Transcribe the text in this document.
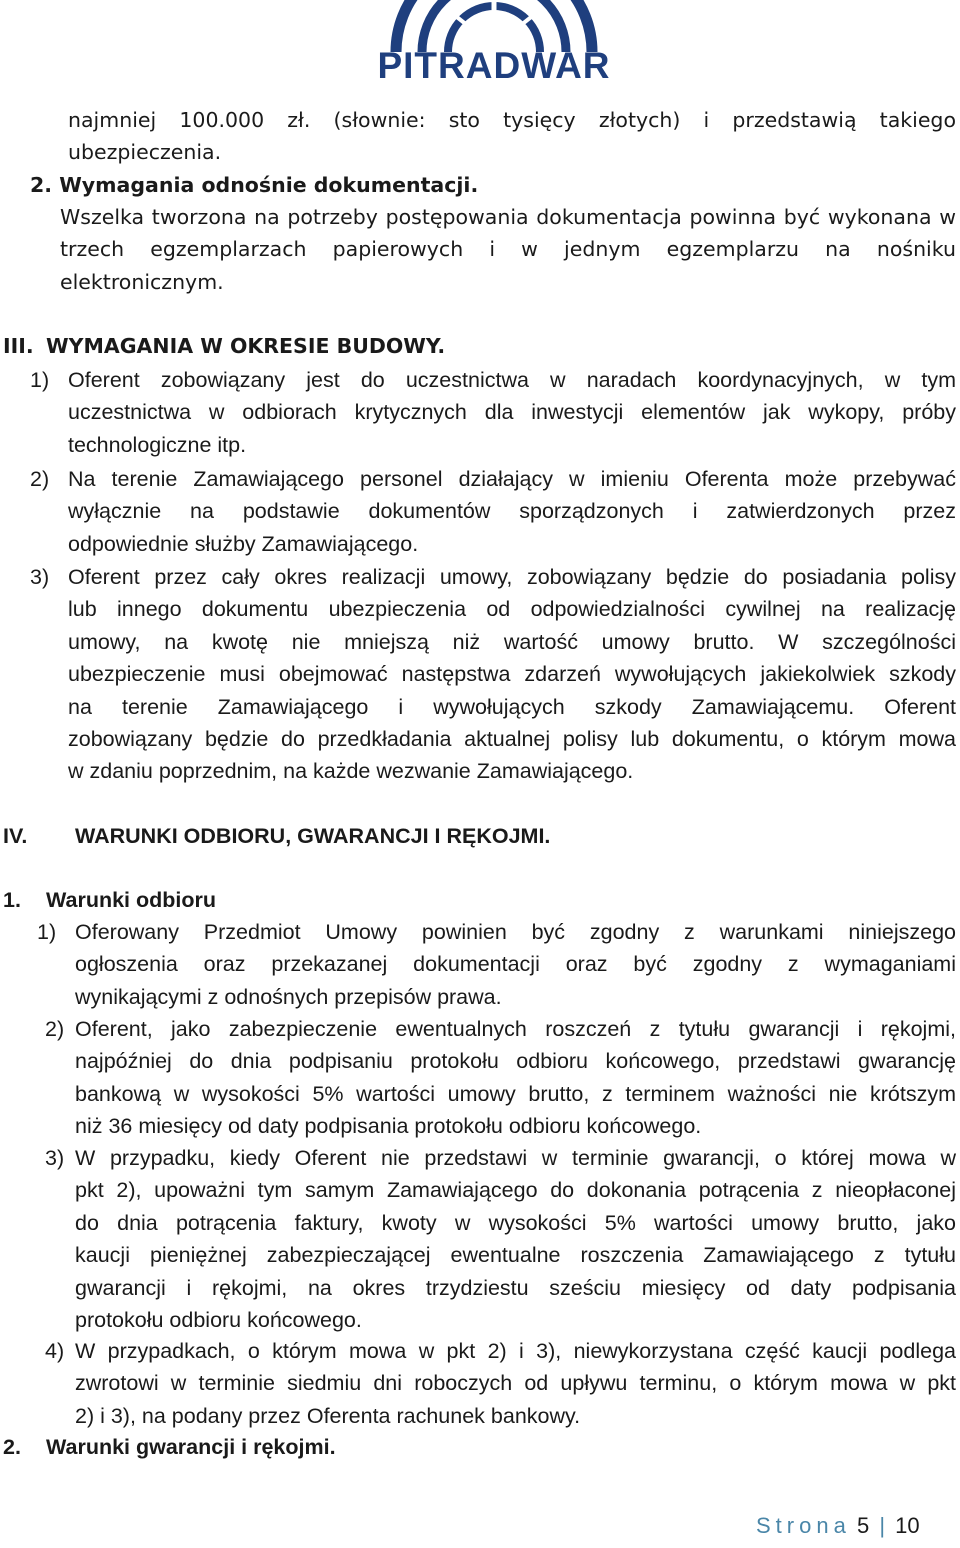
PITRADWAR
najmniej 100.000 zł. (słownie: sto tysięcy złotych) i przedstawią takiego
ubezpieczenia.
2. Wymagania odnośnie dokumentacji.
Wszelka tworzona na potrzeby postępowania dokumentacja powinna być wykonana w
trzech egzemplarzach papierowych i w jednym egzemplarzu na nośniku
elektronicznym.
III. WYMAGANIA W OKRESIE BUDOWY.
1) Oferent zobowiązany jest do uczestnictwa w naradach koordynacyjnych, w tym
uczestnictwa w odbiorach krytycznych dla inwestycji elementów jak wykopy, próby
technologiczne itp.
2) Na terenie Zamawiającego personel działający w imieniu Oferenta może przebywać
wyłącznie na podstawie dokumentów sporządzonych i zatwierdzonych przez
odpowiednie służby Zamawiającego.
3) Oferent przez cały okres realizacji umowy, zobowiązany będzie do posiadania polisy
lub innego dokumentu ubezpieczenia od odpowiedzialności cywilnej na realizację
umowy, na kwotę nie mniejszą niż wartość umowy brutto. W szczególności
ubezpieczenie musi obejmować następstwa zdarzeń wywołujących jakiekolwiek szkody
na terenie Zamawiającego i wywołujących szkody Zamawiającemu. Oferent
zobowiązany będzie do przedkładania aktualnej polisy lub dokumentu, o którym mowa
w zdaniu poprzednim, na każde wezwanie Zamawiającego.
IV. WARUNKI ODBIORU, GWARANCJI I RĘKOJMI.
1. Warunki odbioru
1) Oferowany Przedmiot Umowy powinien być zgodny z warunkami niniejszego
ogłoszenia oraz przekazanej dokumentacji oraz być zgodny z wymaganiami
wynikającymi z odnośnych przepisów prawa.
2) Oferent, jako zabezpieczenie ewentualnych roszczeń z tytułu gwarancji i rękojmi,
najpóźniej do dnia podpisaniu protokołu odbioru końcowego, przedstawi gwarancję
bankową w wysokości 5% wartości umowy brutto, z terminem ważności nie krótszym
niż 36 miesięcy od daty podpisania protokołu odbioru końcowego.
3) W przypadku, kiedy Oferent nie przedstawi w terminie gwarancji, o której mowa w
pkt 2), upoważni tym samym Zamawiającego do dokonania potrącenia z nieopłaconej
do dnia potrącenia faktury, kwoty w wysokości 5% wartości umowy brutto, jako
kaucji pieniężnej zabezpieczającej ewentualne roszczenia Zamawiającego z tytułu
gwarancji i rękojmi, na okres trzydziestu sześciu miesięcy od daty podpisania
protokołu odbioru końcowego.
4) W przypadkach, o którym mowa w pkt 2) i 3), niewykorzystana część kaucji podlega
zwrotowi w terminie siedmiu dni roboczych od upływu terminu, o którym mowa w pkt
2) i 3), na podany przez Oferenta rachunek bankowy.
2. Warunki gwarancji i rękojmi.
Strona 5 | 10
